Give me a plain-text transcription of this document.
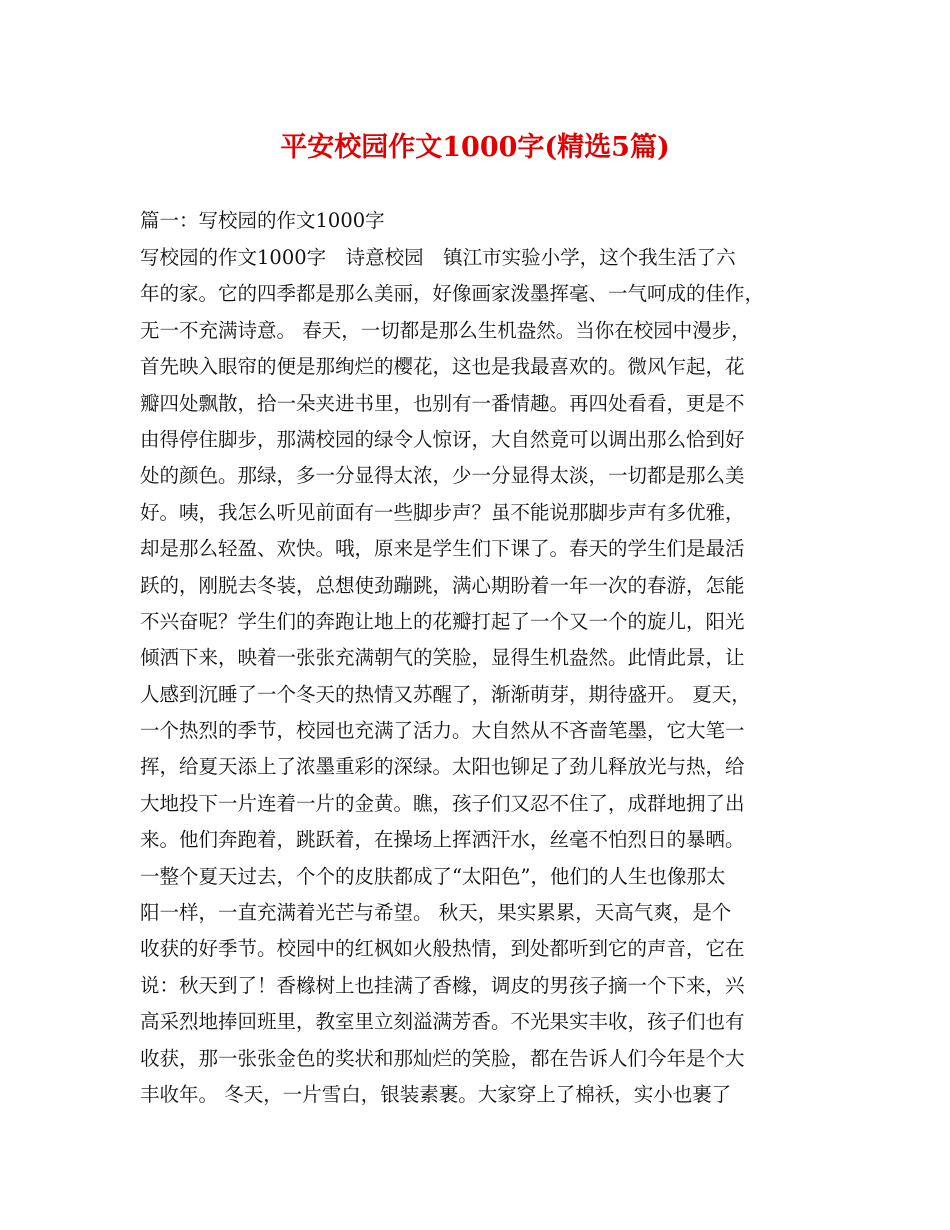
平安校园作文1000字(精选5篇)
篇一：写校园的作文1000字
写校园的作文1000字　诗意校园　镇江市实验小学，这个我生活了六
年的家。它的四季都是那么美丽，好像画家泼墨挥毫、一气呵成的佳作，
无一不充满诗意。 春天，一切都是那么生机盎然。当你在校园中漫步，
首先映入眼帘的便是那绚烂的樱花，这也是我最喜欢的。微风乍起，花
瓣四处飘散，拾一朵夹进书里，也别有一番情趣。再四处看看，更是不
由得停住脚步，那满校园的绿令人惊讶，大自然竟可以调出那么恰到好
处的颜色。那绿，多一分显得太浓，少一分显得太淡，一切都是那么美
好。咦，我怎么听见前面有一些脚步声？虽不能说那脚步声有多优雅，
却是那么轻盈、欢快。哦，原来是学生们下课了。春天的学生们是最活
跃的，刚脱去冬装，总想使劲蹦跳，满心期盼着一年一次的春游，怎能
不兴奋呢？学生们的奔跑让地上的花瓣打起了一个又一个的旋儿，阳光
倾洒下来，映着一张张充满朝气的笑脸，显得生机盎然。此情此景，让
人感到沉睡了一个冬天的热情又苏醒了，渐渐萌芽，期待盛开。 夏天，
一个热烈的季节，校园也充满了活力。大自然从不吝啬笔墨，它大笔一
挥，给夏天添上了浓墨重彩的深绿。太阳也铆足了劲儿释放光与热，给
大地投下一片连着一片的金黄。瞧，孩子们又忍不住了，成群地拥了出
来。他们奔跑着，跳跃着，在操场上挥洒汗水，丝毫不怕烈日的暴晒。
一整个夏天过去，个个的皮肤都成了“太阳色”，他们的人生也像那太
阳一样，一直充满着光芒与希望。 秋天，果实累累，天高气爽，是个
收获的好季节。校园中的红枫如火般热情，到处都听到它的声音，它在
说：秋天到了！香橼树上也挂满了香橼，调皮的男孩子摘一个下来，兴
高采烈地捧回班里，教室里立刻溢满芳香。不光果实丰收，孩子们也有
收获，那一张张金色的奖状和那灿烂的笑脸，都在告诉人们今年是个大
丰收年。 冬天，一片雪白，银装素裹。大家穿上了棉袄，实小也裹了
